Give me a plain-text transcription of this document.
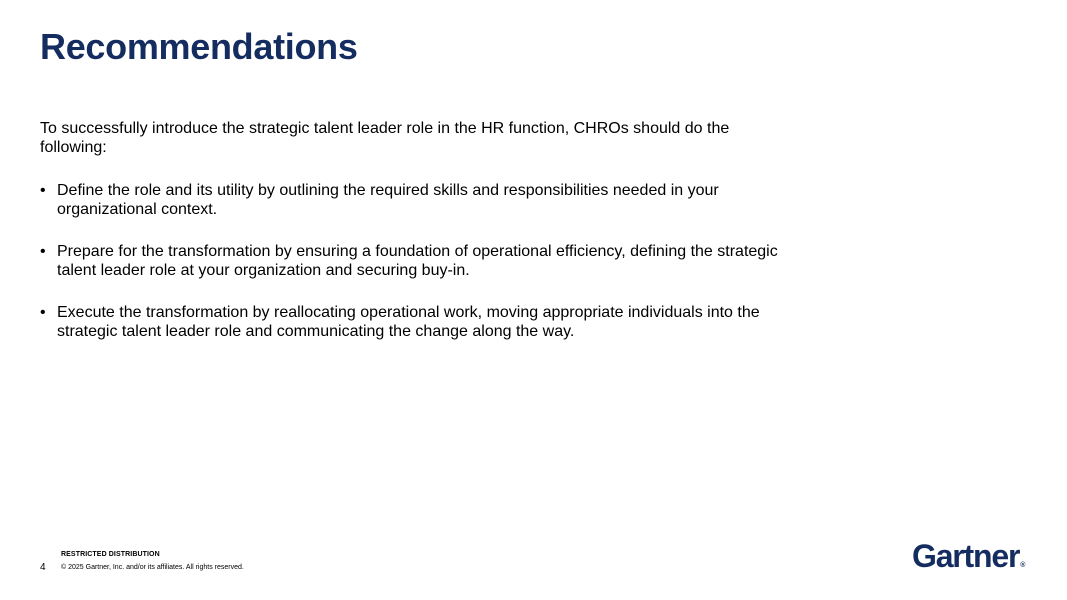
Recommendations

To successfully introduce the strategic talent leader role in the HR function, CHROs should do the following:

• Define the role and its utility by outlining the required skills and responsibilities needed in your organizational context.
• Prepare for the transformation by ensuring a foundation of operational efficiency, defining the strategic talent leader role at your organization and securing buy-in.
• Execute the transformation by reallocating operational work, moving appropriate individuals into the strategic talent leader role and communicating the change along the way.
RESTRICTED DISTRIBUTION
4 © 2025 Gartner, Inc. and/or its affiliates. All rights reserved.	Gartner®
